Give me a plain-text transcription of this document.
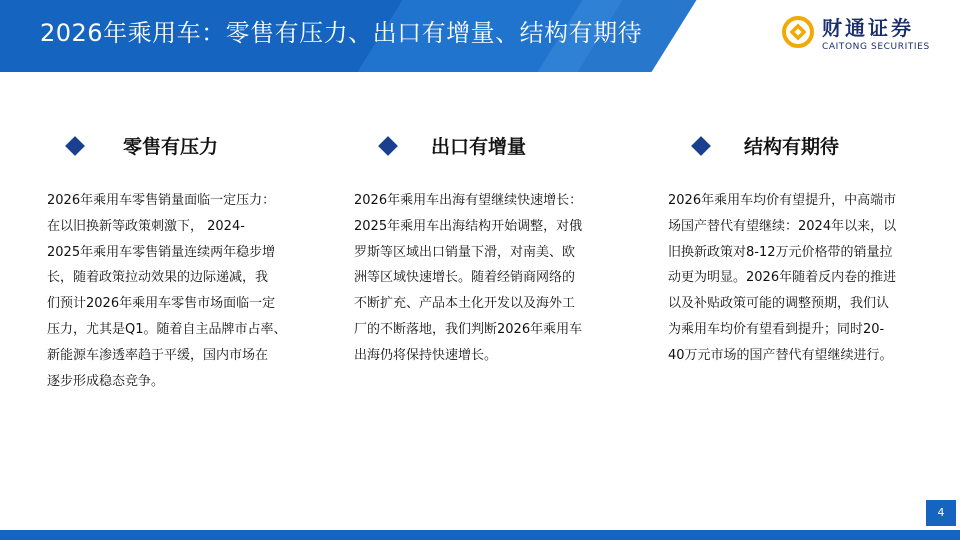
2026年乘用车：零售有压力、出口有增量、结构有期待	财通证券
CAITONG SECURITIES
零售有压力

2026年乘用车零售销量面临一定压力：

在以旧换新等政策刺激下， 2024-

2025年乘用车零售销量连续两年稳步增

长，随着政策拉动效果的边际递减，我

们预计2026年乘用车零售市场面临一定

压力，尤其是Q1。随着自主品牌市占率、

新能源车渗透率趋于平缓，国内市场在

逐步形成稳态竞争。

出口有增量

2026年乘用车出海有望继续快速增长：

2025年乘用车出海结构开始调整，对俄

罗斯等区域出口销量下滑，对南美、欧

洲等区域快速增长。随着经销商网络的

不断扩充、产品本土化开发以及海外工

厂的不断落地，我们判断2026年乘用车

出海仍将保持快速增长。

结构有期待

2026年乘用车均价有望提升，中高端市

场国产替代有望继续：2024年以来，以

旧换新政策对8-12万元价格带的销量拉

动更为明显。2026年随着反内卷的推进

以及补贴政策可能的调整预期，我们认

为乘用车均价有望看到提升；同时20-

40万元市场的国产替代有望继续进行。

4
